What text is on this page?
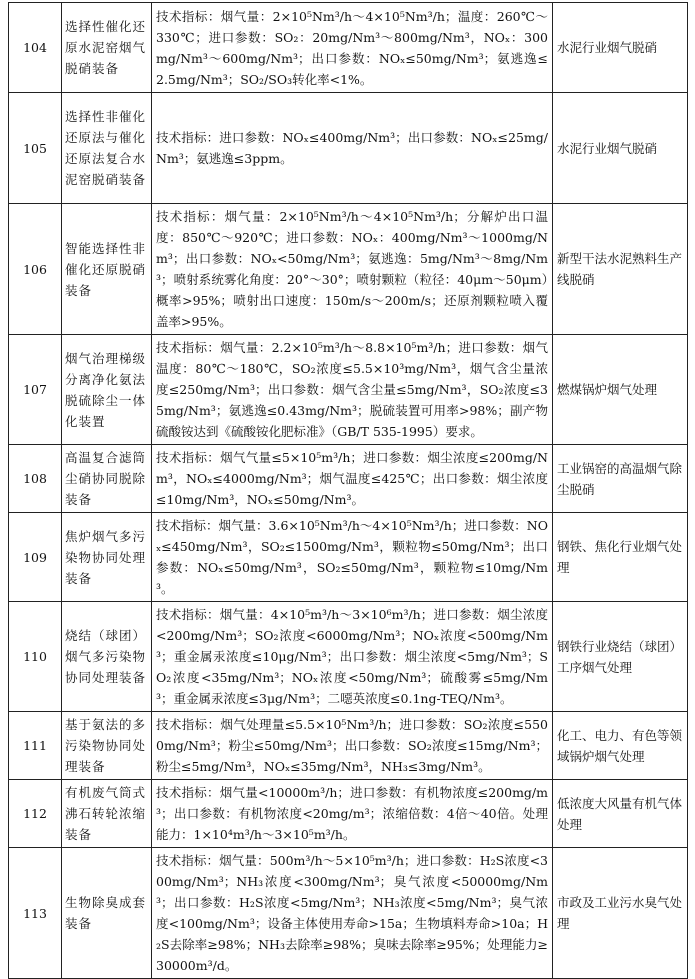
104	选择性催化还原水泥窑烟气脱硝装备	技术指标：烟气量：2×10⁵Nm³/h～4×10⁵Nm³/h；温度：260℃～330℃；进口参数：SO₂：20mg/Nm³～800mg/Nm³，NOₓ：300mg/Nm³～600mg/Nm³；出口参数：NOₓ≤50mg/Nm³；氨逃逸≤2.5mg/Nm³；SO₂/SO₃转化率<1%。	水泥行业烟气脱硝
105	选择性非催化还原法与催化还原法复合水泥窑脱硝装备	技术指标：进口参数：NOₓ≤400mg/Nm³；出口参数：NOₓ≤25mg/Nm³；氨逃逸≤3ppm。	水泥行业烟气脱硝
106	智能选择性非催化还原脱硝装备	技术指标：烟气量：2×10⁵Nm³/h～4×10⁵Nm³/h；分解炉出口温度：850℃～920℃；进口参数：NOₓ：400mg/Nm³～1000mg/Nm³；出口参数：NOₓ<50mg/Nm³；氨逃逸：5mg/Nm³～8mg/Nm³；喷射系统雾化角度：20°～30°；喷射颗粒（粒径：40μm～50μm）概率>95%；喷射出口速度：150m/s～200m/s；还原剂颗粒喷入覆盖率>95%。	新型干法水泥熟料生产线脱硝
107	烟气治理梯级分离净化氨法脱硫除尘一体化装置	技术指标：烟气量：2.2×10⁵m³/h～8.8×10⁵m³/h；进口参数：烟气温度：80℃～180℃，SO₂浓度≤5.5×10³mg/Nm³，烟气含尘量浓度≤250mg/Nm³；出口参数：烟气含尘量≤5mg/Nm³，SO₂浓度≤35mg/Nm³；氨逃逸≤0.43mg/Nm³；脱硫装置可用率>98%；副产物硫酸铵达到《硫酸铵化肥标准》（GB/T 535-1995）要求。	燃煤锅炉烟气处理
108	高温复合滤筒尘硝协同脱除装备	技术指标：烟气气量≤5×10⁵m³/h；进口参数：烟尘浓度≤200mg/Nm³，NOₓ≤4000mg/Nm³；烟气温度≤425℃；出口参数：烟尘浓度≤10mg/Nm³，NOₓ≤50mg/Nm³。	工业锅窑的高温烟气除尘脱硝
109	焦炉烟气多污染物协同处理装备	技术指标：烟气量：3.6×10⁵Nm³/h～4×10⁵Nm³/h；进口参数：NOₓ≤450mg/Nm³，SO₂≤1500mg/Nm³，颗粒物≤50mg/Nm³；出口参数：NOₓ≤50mg/Nm³，SO₂≤50mg/Nm³，颗粒物≤10mg/Nm³。	钢铁、焦化行业烟气处理
110	烧结（球团）烟气多污染物协同处理装备	技术指标：烟气量：4×10⁵m³/h～3×10⁶m³/h；进口参数：烟尘浓度<200mg/Nm³；SO₂浓度<6000mg/Nm³；NOₓ浓度<500mg/Nm³；重金属汞浓度≤10μg/Nm³；出口参数：烟尘浓度<5mg/Nm³；SO₂浓度<35mg/Nm³；NOₓ浓度<50mg/Nm³；硫酸雾≤5mg/Nm³；重金属汞浓度≤3μg/Nm³；二噁英浓度≤0.1ng-TEQ/Nm³。	钢铁行业烧结（球团）工序烟气处理
111	基于氨法的多污染物协同处理装备	技术指标：烟气处理量≤5.5×10⁵Nm³/h；进口参数：SO₂浓度≤5500mg/Nm³；粉尘≤50mg/Nm³；出口参数：SO₂浓度≤15mg/Nm³；粉尘≤5mg/Nm³，NOₓ≤35mg/Nm³，NH₃≤3mg/Nm³。	化工、电力、有色等领域锅炉烟气处理
112	有机废气筒式沸石转轮浓缩装备	技术指标：烟气量<10000m³/h；进口参数：有机物浓度≤200mg/m³；出口参数：有机物浓度<20mg/m³；浓缩倍数：4倍～40倍。处理能力：1×10⁴m³/h～3×10⁵m³/h。	低浓度大风量有机气体处理
113	生物除臭成套装备	技术指标：烟气量：500m³/h～5×10⁵m³/h；进口参数：H₂S浓度<300mg/Nm³；NH₃浓度<300mg/Nm³；臭气浓度<50000mg/Nm³；出口参数：H₂S浓度<5mg/Nm³；NH₃浓度<5mg/Nm³；臭气浓度<100mg/Nm³；设备主体使用寿命>15a；生物填料寿命>10a；H₂S去除率≥98%；NH₃去除率≥98%；臭味去除率≥95%；处理能力≥30000m³/d。	市政及工业污水臭气处理
